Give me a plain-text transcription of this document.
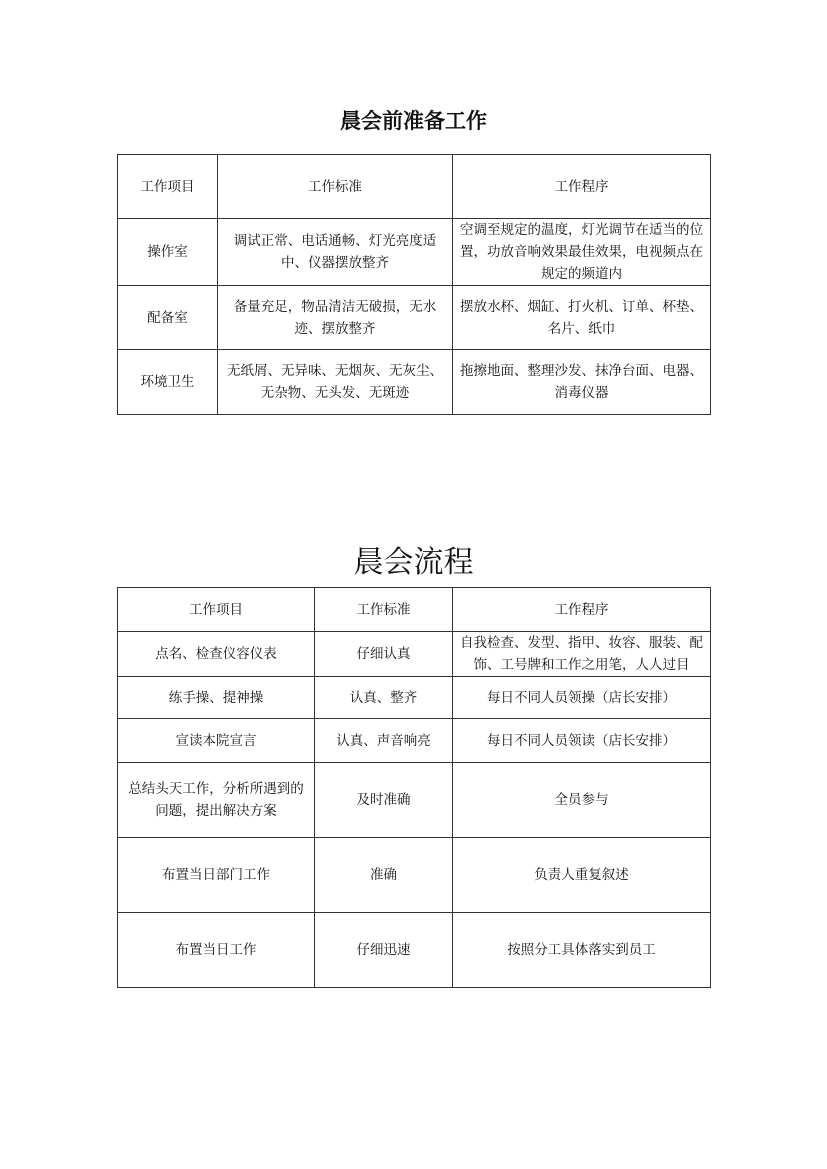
晨会前准备工作
工作项目	工作标准	工作程序
操作室	调试正常、电话通畅、灯光亮度适中、仪器摆放整齐	空调至规定的温度，灯光调节在适当的位置，功放音响效果最佳效果，电视频点在规定的频道内
配备室	备量充足，物品清洁无破损，无水迹、摆放整齐	摆放水杯、烟缸、打火机、订单、杯垫、名片、纸巾
环境卫生	无纸屑、无异味、无烟灰、无灰尘、无杂物、无头发、无斑迹	拖擦地面、整理沙发、抹净台面、电器、消毒仪器
晨会流程
工作项目	工作标准	工作程序
点名、检查仪容仪表	仔细认真	自我检查、发型、指甲、妆容、服装、配饰、工号牌和工作之用笔，人人过目
练手操、提神操	认真、整齐	每日不同人员领操（店长安排）
宣读本院宣言	认真、声音响亮	每日不同人员领读（店长安排）
总结头天工作，分析所遇到的问题，提出解决方案	及时准确	全员参与
布置当日部门工作	准确	负责人重复叙述
布置当日工作	仔细迅速	按照分工具体落实到员工
